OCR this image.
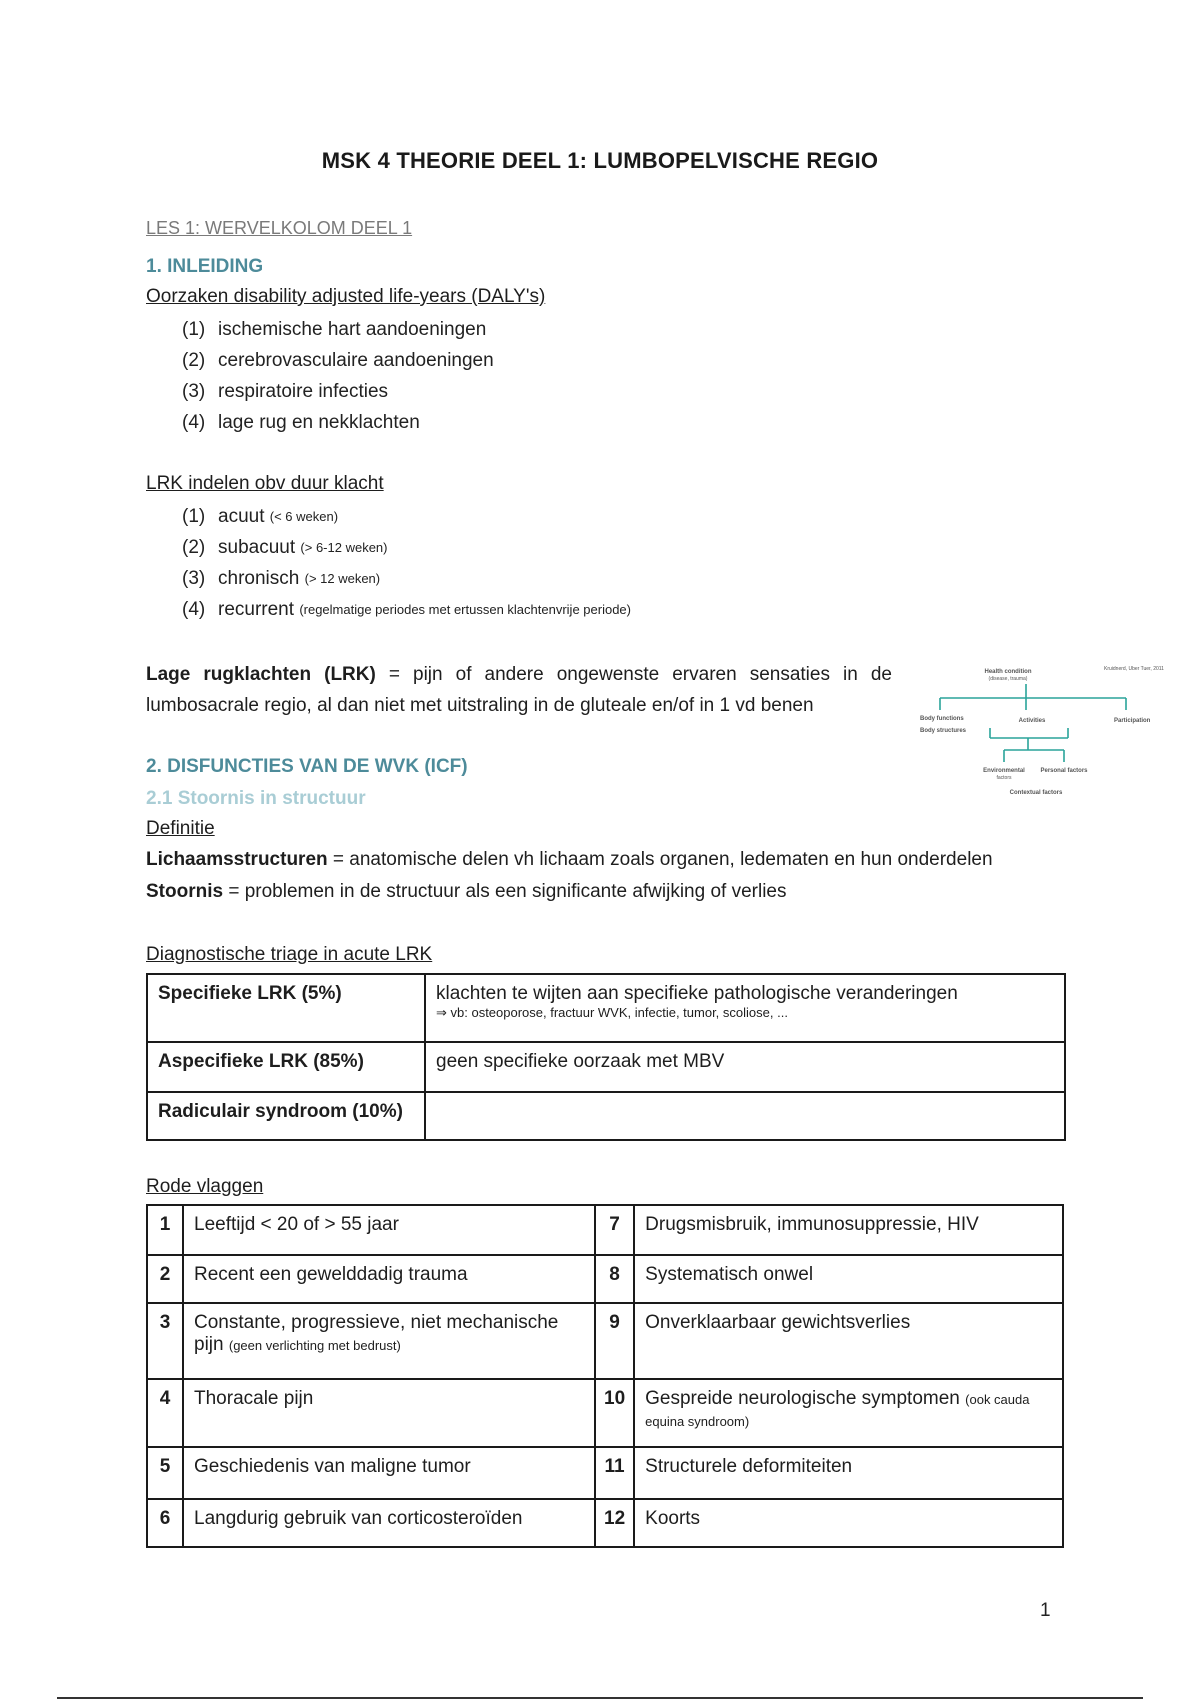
MSK 4 THEORIE DEEL 1: LUMBOPELVISCHE REGIO
LES 1: WERVELKOLOM DEEL 1
1. INLEIDING
Oorzaken disability adjusted life-years (DALY's)
(1) ischemische hart aandoeningen
(2) cerebrovasculaire aandoeningen
(3) respiratoire infecties
(4) lage rug en nekklachten
LRK indelen obv duur klacht
(1) acuut
(< 6 weken)
(2) subacuut
(> 6-12 weken)
(3) chronisch
(> 12 weken)
(4) recurrent
(regelmatige periodes met ertussen klachtenvrije periode)
Lage rugklachten (LRK) = pijn of andere ongewenste ervaren sensaties in de lumbosacrale regio, al dan niet met uitstraling in de gluteale en/of in 1 vd benen
Kruidnerd, Uber Tuer, 2011
Health condition
(disease, trauma)
Body functions
Body structures
Activities	Participation
Environmental
factors
Personal factors
Contextual factors
2. DISFUNCTIES VAN DE WVK (ICF)
2.1 Stoornis in structuur
Definitie
Lichaamsstructuren = anatomische delen vh lichaam zoals organen, ledematen en hun onderdelen
Stoornis = problemen in de structuur als een significante afwijking of verlies
Diagnostische triage in acute LRK
Specifieke LRK (5%)	klachten te wijten aan specifieke pathologische veranderingen
⇒ vb: osteoporose, fractuur WVK, infectie, tumor, scoliose, ...

Aspecifieke LRK (85%)	geen specifieke oorzaak met MBV
Radiculair syndroom (10%)	
Rode vlaggen
1	Leeftijd < 20 of > 55 jaar	7	Drugsmisbruik, immunosuppressie, HIV
2	Recent een gewelddadig trauma	8	Systematisch onwel
3	Constante, progressieve, niet mechanische pijn (geen verlichting met bedrust)	9	Onverklaarbaar gewichtsverlies
4	Thoracale pijn	10	Gespreide neurologische symptomen (ook cauda equina syndroom)
5	Geschiedenis van maligne tumor	11	Structurele deformiteiten
6	Langdurig gebruik van corticosteroïden	12	Koorts
1
